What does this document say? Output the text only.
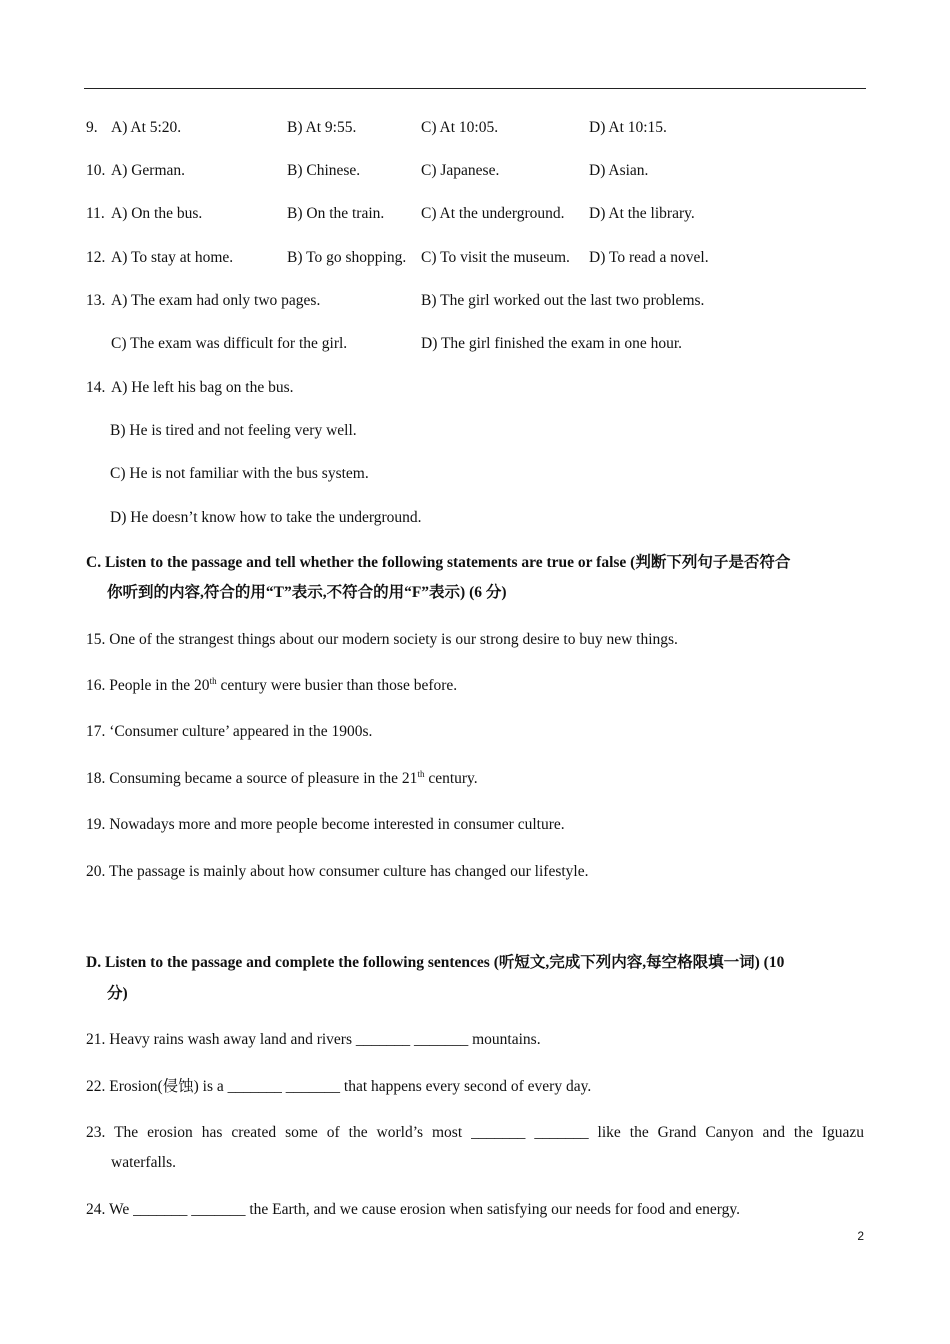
9. A) At 5:20.	B) At 9:55.	C) At 10:05.	D) At 10:15.
10. A) German.	B) Chinese.	C) Japanese.	D) Asian.
11. A) On the bus.	B) On the train. C) At the underground. D) At the library.
12. A) To stay at home.	B) To go shopping. C) To visit the museum. D) To read a novel.
13. A) The exam had only two pages.	B) The girl worked out the last two problems.
C) The exam was difficult for the girl.	D) The girl finished the exam in one hour.
14. A) He left his bag on the bus.
B) He is tired and not feeling very well.
C) He is not familiar with the bus system.
D) He doesn’t know how to take the underground.
C. Listen to the passage and tell whether the following statements are true or false (判断下列句子是否符合
你听到的内容,符合的用“T”表示,不符合的用“F”表示) (6 分)
15. One of the strangest things about our modern society is our strong desire to buy new things.
16. People in the 20th century were busier than those before.
17. ‘Consumer culture’ appeared in the 1900s.
18. Consuming became a source of pleasure in the 21th century.
19. Nowadays more and more people become interested in consumer culture.
20. The passage is mainly about how consumer culture has changed our lifestyle.
D. Listen to the passage and complete the following sentences (听短文,完成下列内容,每空格限填一词) (10
分)
21. Heavy rains wash away land and rivers _______ _______ mountains.
22. Erosion(侵蚀) is a _______ _______ that happens every second of every day.
23. The erosion has created some of the world’s most _______ _______ like the Grand Canyon and the Iguazu
waterfalls.
24. We _______ _______ the Earth, and we cause erosion when satisfying our needs for food and energy.
2
